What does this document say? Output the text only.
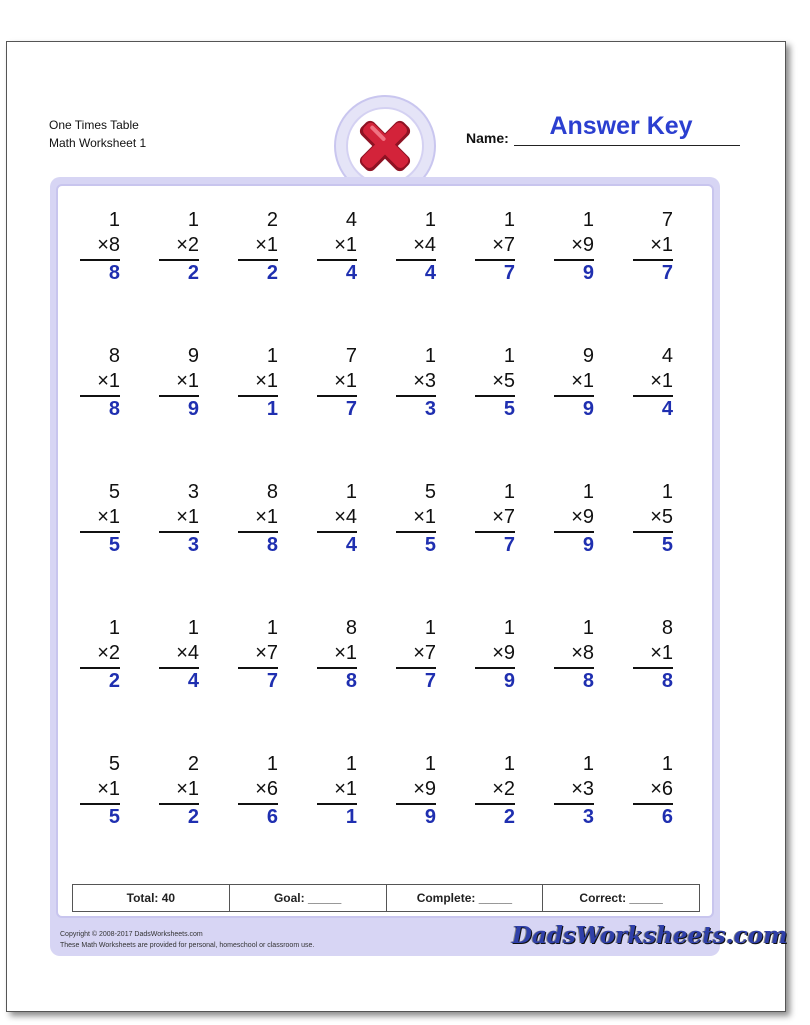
One Times Table
Math Worksheet 1	Name:	Answer Key
1
×8
8
1
×2
2
2
×1
2
4
×1
4
1
×4
4
1
×7
7
1
×9
9
7
×1
7
8
×1
8
9
×1
9
1
×1
1
7
×1
7
1
×3
3
1
×5
5
9
×1
9
4
×1
4
5
×1
5
3
×1
3
8
×1
8
1
×4
4
5
×1
5
1
×7
7
1
×9
9
1
×5
5
1
×2
2
1
×4
4
1
×7
7
8
×1
8
1
×7
7
1
×9
9
1
×8
8
8
×1
8
5
×1
5
2
×1
2
1
×6
6
1
×1
1
1
×9
9
1
×2
2
1
×3
3
1
×6
6
Total: 40	Goal: _____	Complete: _____	Correct: _____
Copyright © 2008-2017 DadsWorksheets.com
These Math Worksheets are provided for personal, homeschool or classroom use.	DadsWorksheets.com
